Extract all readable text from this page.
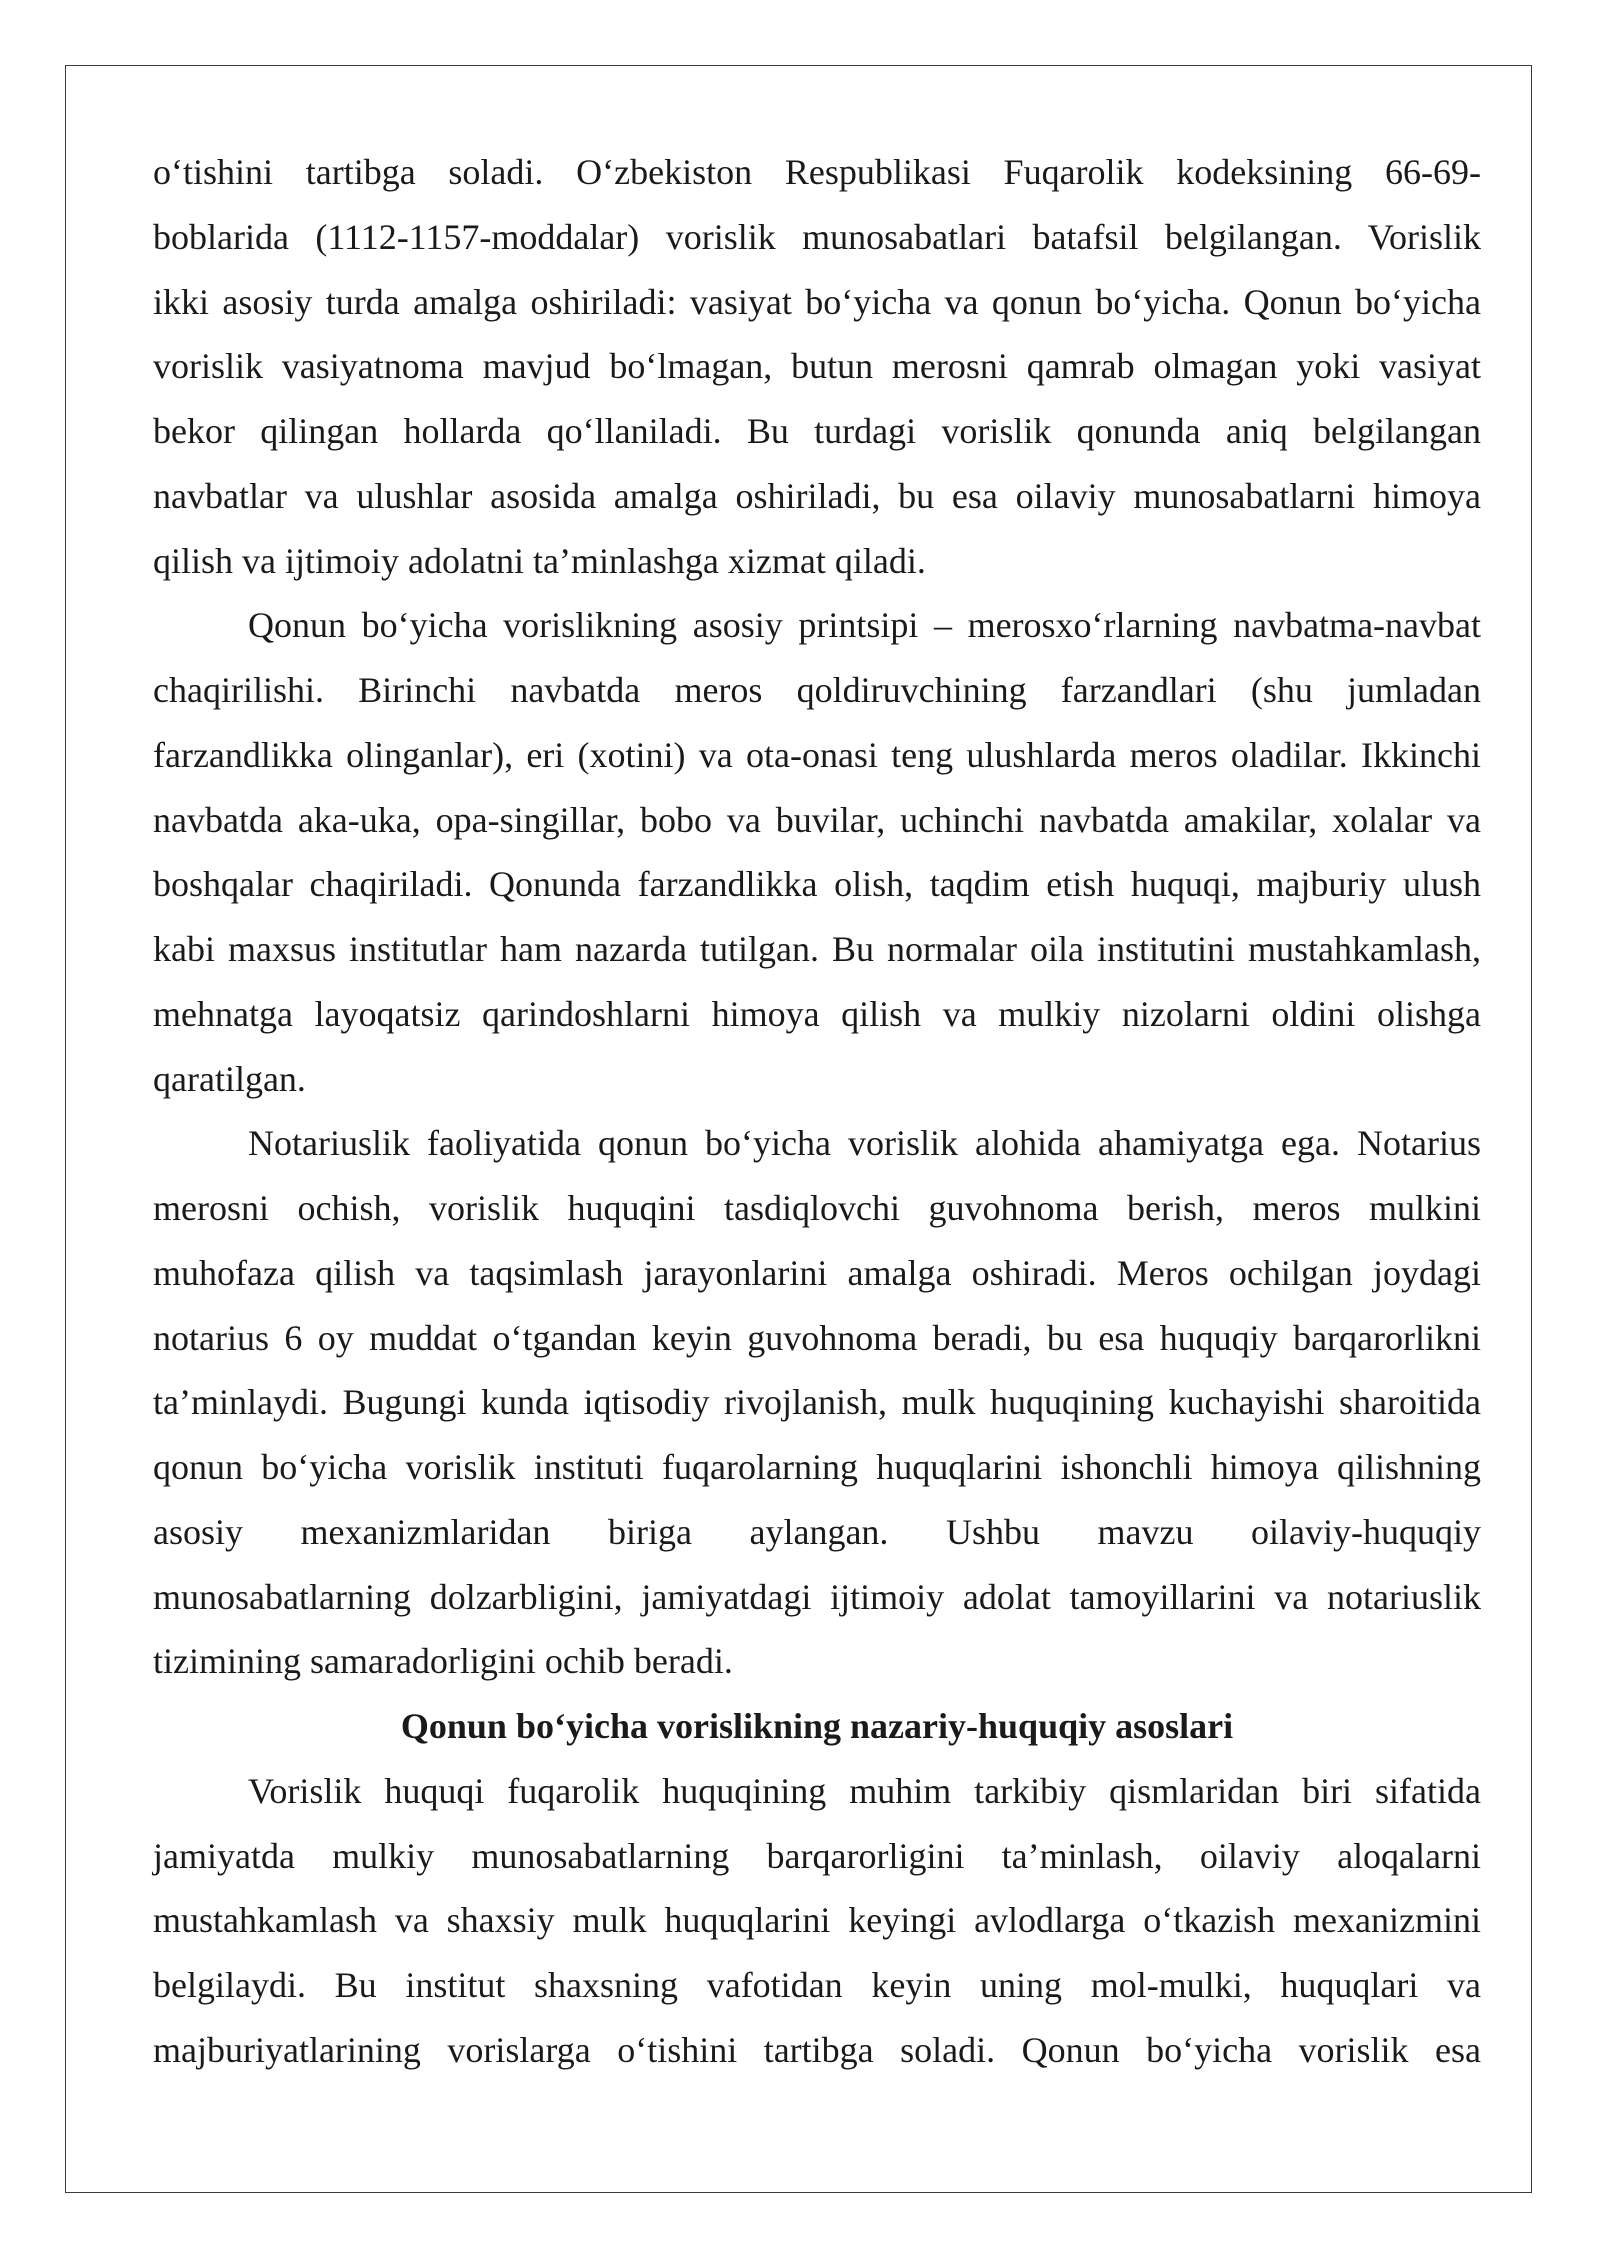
o‘tishini tartibga soladi. O‘zbekiston Respublikasi Fuqarolik kodeksining 66-69-
boblarida (1112-1157-moddalar) vorislik munosabatlari batafsil belgilangan. Vorislik
ikki asosiy turda amalga oshiriladi: vasiyat bo‘yicha va qonun bo‘yicha. Qonun bo‘yicha
vorislik vasiyatnoma mavjud bo‘lmagan, butun merosni qamrab olmagan yoki vasiyat
bekor qilingan hollarda qo‘llaniladi. Bu turdagi vorislik qonunda aniq belgilangan
navbatlar va ulushlar asosida amalga oshiriladi, bu esa oilaviy munosabatlarni himoya
qilish va ijtimoiy adolatni ta’minlashga xizmat qiladi.
Qonun bo‘yicha vorislikning asosiy printsipi – merosxo‘rlarning navbatma-navbat
chaqirilishi. Birinchi navbatda meros qoldiruvchining farzandlari (shu jumladan
farzandlikka olinganlar), eri (xotini) va ota-onasi teng ulushlarda meros oladilar. Ikkinchi
navbatda aka-uka, opa-singillar, bobo va buvilar, uchinchi navbatda amakilar, xolalar va
boshqalar chaqiriladi. Qonunda farzandlikka olish, taqdim etish huquqi, majburiy ulush
kabi maxsus institutlar ham nazarda tutilgan. Bu normalar oila institutini mustahkamlash,
mehnatga layoqatsiz qarindoshlarni himoya qilish va mulkiy nizolarni oldini olishga
qaratilgan.
Notariuslik faoliyatida qonun bo‘yicha vorislik alohida ahamiyatga ega. Notarius
merosni ochish, vorislik huquqini tasdiqlovchi guvohnoma berish, meros mulkini
muhofaza qilish va taqsimlash jarayonlarini amalga oshiradi. Meros ochilgan joydagi
notarius 6 oy muddat o‘tgandan keyin guvohnoma beradi, bu esa huquqiy barqarorlikni
ta’minlaydi. Bugungi kunda iqtisodiy rivojlanish, mulk huquqining kuchayishi sharoitida
qonun bo‘yicha vorislik instituti fuqarolarning huquqlarini ishonchli himoya qilishning
asosiy mexanizmlaridan biriga aylangan. Ushbu mavzu oilaviy-huquqiy
munosabatlarning dolzarbligini, jamiyatdagi ijtimoiy adolat tamoyillarini va notariuslik
tizimining samaradorligini ochib beradi.
Qonun bo‘yicha vorislikning nazariy-huquqiy asoslari
Vorislik huquqi fuqarolik huquqining muhim tarkibiy qismlaridan biri sifatida
jamiyatda mulkiy munosabatlarning barqarorligini ta’minlash, oilaviy aloqalarni
mustahkamlash va shaxsiy mulk huquqlarini keyingi avlodlarga o‘tkazish mexanizmini
belgilaydi. Bu institut shaxsning vafotidan keyin uning mol-mulki, huquqlari va
majburiyatlarining vorislarga o‘tishini tartibga soladi. Qonun bo‘yicha vorislik esa
